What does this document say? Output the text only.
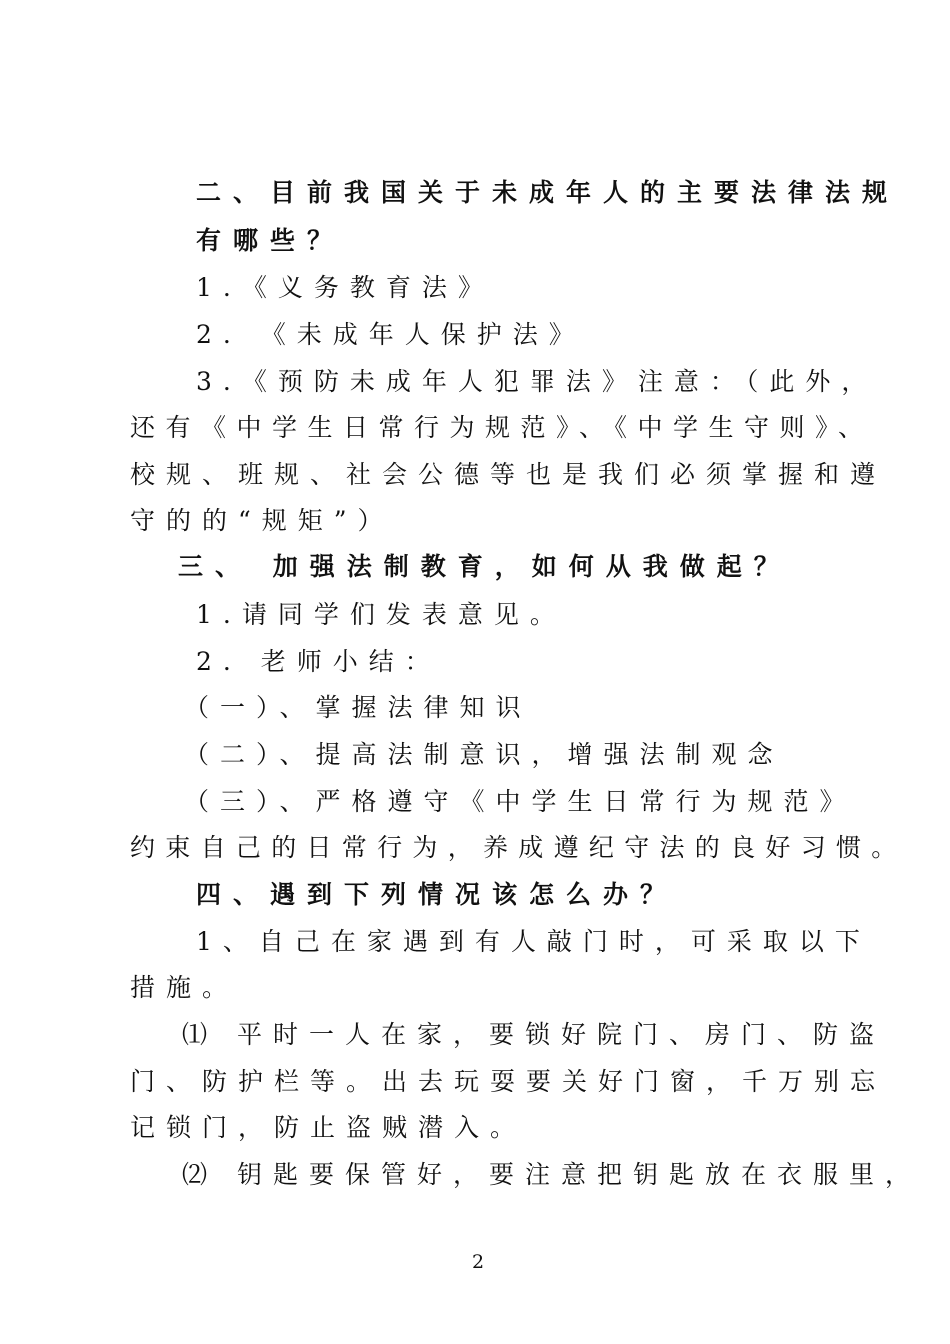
二、目前我国关于未成年人的主要法律法规
有哪些？
1.《义务教育法》
2. 《未成年人保护法》
3.《预防未成年人犯罪法》注意：（此外，
还有《中学生日常行为规范》、《中学生守则》、
校规、班规、社会公德等也是我们必须掌握和遵
守的的“规矩”）
三、 加强法制教育，如何从我做起？
1.请同学们发表意见。
2. 老师小结：
（一）、掌握法律知识
（二）、提高法制意识，增强法制观念
（三）、严格遵守《中学生日常行为规范》
约束自己的日常行为，养成遵纪守法的良好习惯。
四、遇到下列情况该怎么办？
1、自己在家遇到有人敲门时，可采取以下
措施。
⑴ 平时一人在家，要锁好院门、房门、防盗
门、防护栏等。出去玩耍要关好门窗，千万别忘
记锁门，防止盗贼潜入。
⑵ 钥匙要保管好，要注意把钥匙放在衣服里，
2
